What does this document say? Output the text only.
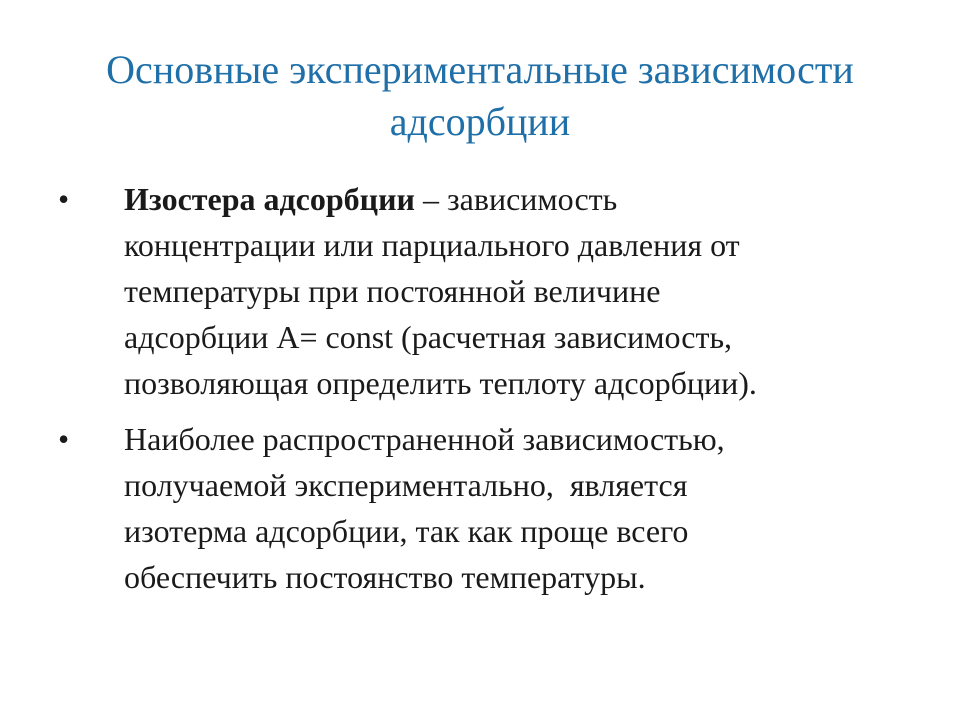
Основные экспериментальные зависимости
адсорбции
• Изостера адсорбции – зависимость
концентрации или парциального давления от
температуры при постоянной величине
адсорбции А= const (расчетная зависимость,
позволяющая определить теплоту адсорбции).
• Наиболее распространенной зависимостью,
получаемой экспериментально,  является
изотерма адсорбции, так как проще всего
обеспечить постоянство температуры.
